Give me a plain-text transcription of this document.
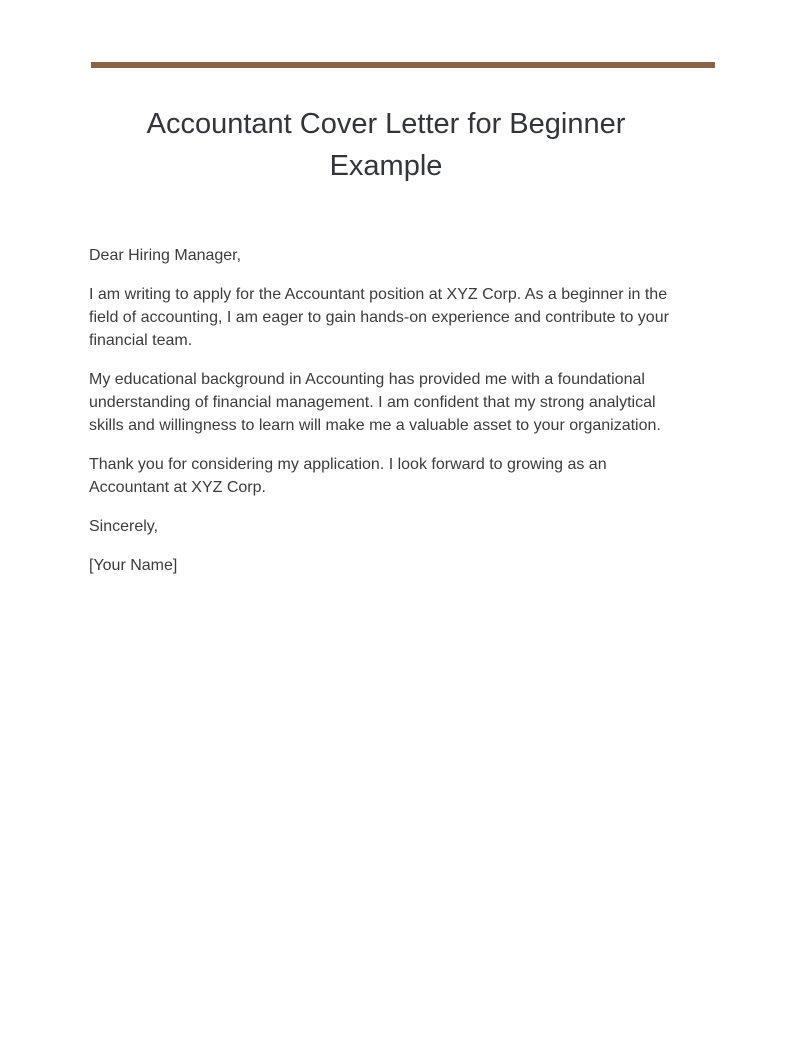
Accountant Cover Letter for Beginner Example

Dear Hiring Manager,

I am writing to apply for the Accountant position at XYZ Corp. As a beginner in the field of accounting, I am eager to gain hands-on experience and contribute to your financial team.

My educational background in Accounting has provided me with a foundational understanding of financial management. I am confident that my strong analytical skills and willingness to learn will make me a valuable asset to your organization.

Thank you for considering my application. I look forward to growing as an Accountant at XYZ Corp.

Sincerely,

[Your Name]
